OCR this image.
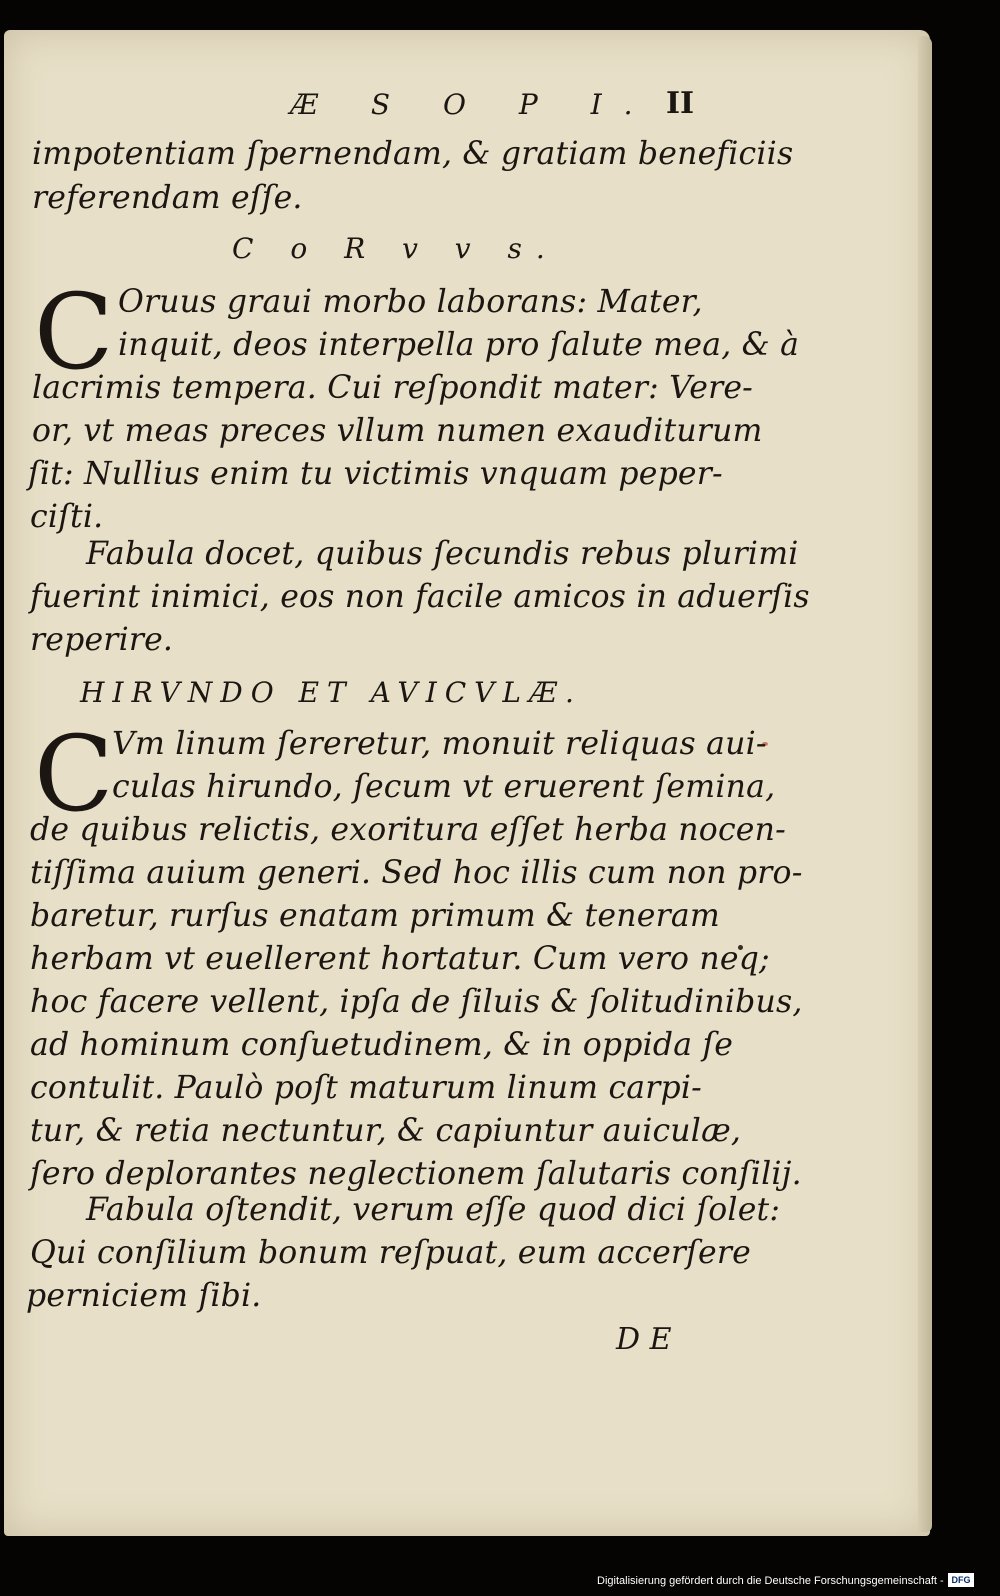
Æ S O P I. II
impotentiam ſpernendam, & gratiam beneficiis
referendam eſſe.
C o R v v s.
C Oruus graui morbo laborans: Mater,
inquit, deos interpella pro ſalute mea, & à
lacrimis tempera. Cui reſpondit mater: Vere-
or, vt meas preces vllum numen exauditurum
ſit: Nullius enim tu victimis vnquam peper-
ciſti.
Fabula docet, quibus ſecundis rebus plurimi
fuerint inimici, eos non facile amicos in aduerſis
reperire.
HIRVNDO ET AVICVLÆ.
C
Vm linum ſereretur, monuit reliquas aui-
culas hirundo, ſecum vt eruerent ſemina,
de quibus relictis, exoritura eſſet herba nocen-
tiſſima auium generi. Sed hoc illis cum non pro-
baretur, rurſus enatam primum & teneram
herbam vt euellerent hortatur. Cum vero neq;
hoc facere vellent, ipſa de ſiluis & ſolitudinibus,
ad hominum conſuetudinem, & in oppida ſe
contulit. Paulò poſt maturum linum carpi-
tur, & retia nectuntur, & capiuntur auiculæ,
ſero deplorantes neglectionem ſalutaris conſilij.
Fabula oſtendit, verum eſſe quod dici ſolet:
Qui conſilium bonum reſpuat, eum accerſere
perniciem ſibi.
D E
Digitalisierung gefördert durch die Deutsche Forschungsgemeinschaft - DFG
